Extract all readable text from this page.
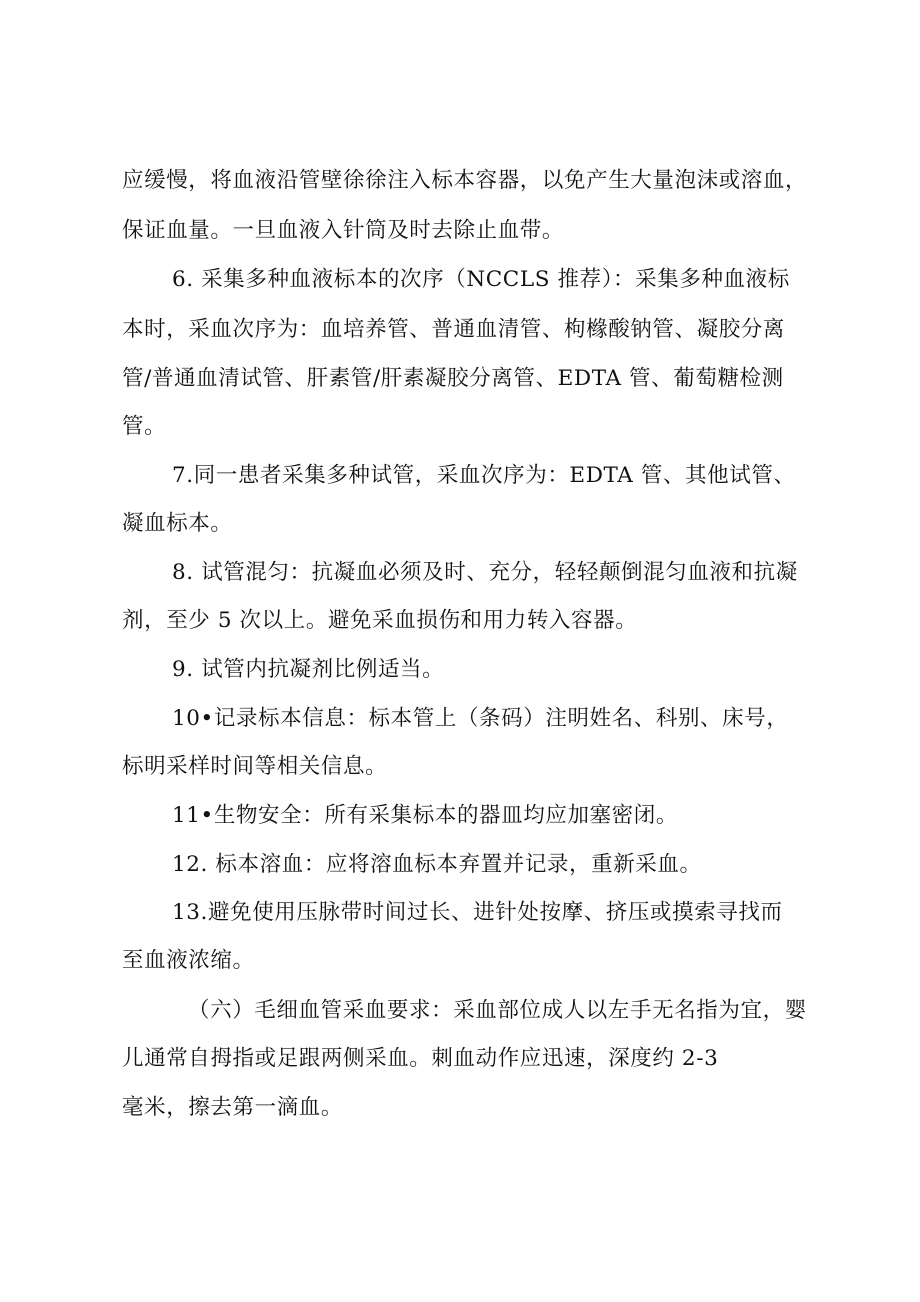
应缓慢，将血液沿管壁徐徐注入标本容器，以免产生大量泡沫或溶血，
保证血量。一旦血液入针筒及时去除止血带。
6. 采集多种血液标本的次序（NCCLS 推荐）：采集多种血液标
本时，采血次序为：血培养管、普通血清管、枸橼酸钠管、凝胶分离
管/普通血清试管、肝素管/肝素凝胶分离管、EDTA 管、葡萄糖检测
管。
7.同一患者采集多种试管，采血次序为：EDTA 管、其他试管、
凝血标本。
8. 试管混匀：抗凝血必须及时、充分，轻轻颠倒混匀血液和抗凝
剂，至少 5 次以上。避免采血损伤和用力转入容器。
9. 试管内抗凝剂比例适当。
10•记录标本信息：标本管上（条码）注明姓名、科别、床号，
标明采样时间等相关信息。
11•生物安全：所有采集标本的器皿均应加塞密闭。
12. 标本溶血：应将溶血标本弃置并记录，重新采血。
13.避免使用压脉带时间过长、进针处按摩、挤压或摸索寻找而
至血液浓缩。
（六）毛细血管采血要求：采血部位成人以左手无名指为宜，婴
儿通常自拇指或足跟两侧采血。刺血动作应迅速，深度约 2-3
毫米，擦去第一滴血。
